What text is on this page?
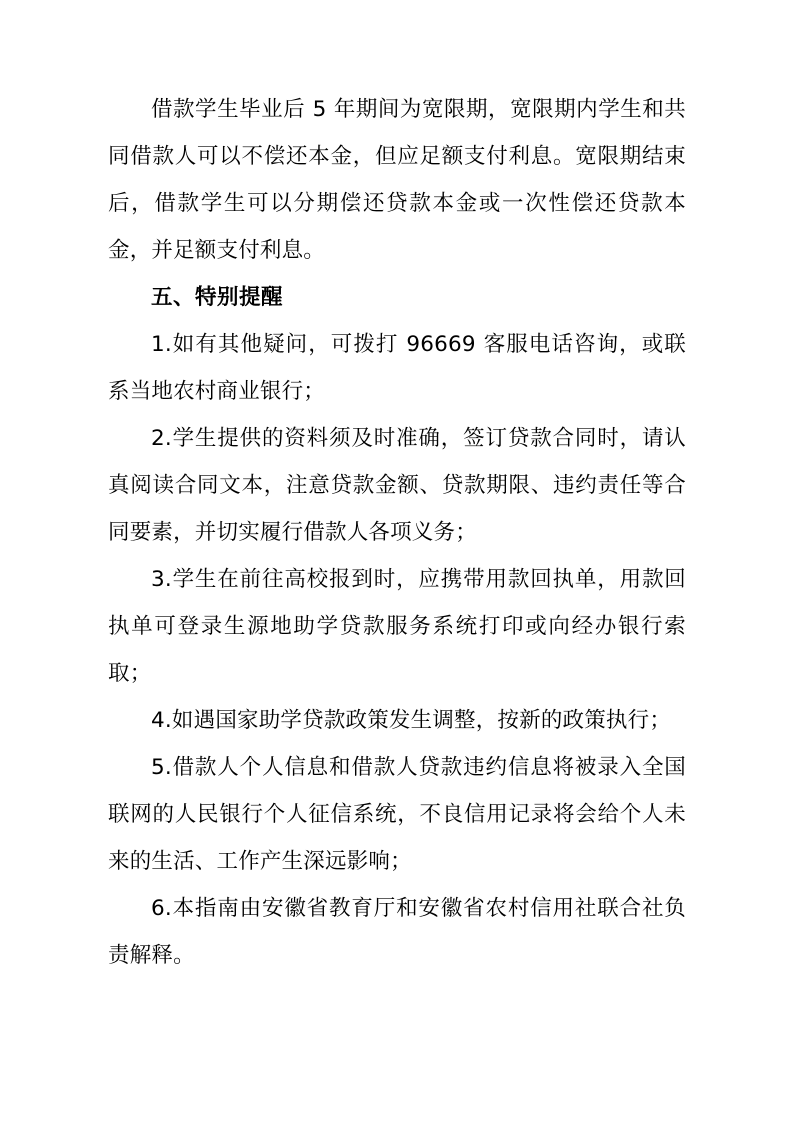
借款学生毕业后 5 年期间为宽限期，宽限期内学生和共同借款人可以不偿还本金，但应足额支付利息。宽限期结束后，借款学生可以分期偿还贷款本金或一次性偿还贷款本金，并足额支付利息。

五、特别提醒

1.如有其他疑问，可拨打 96669 客服电话咨询，或联系当地农村商业银行；

2.学生提供的资料须及时准确，签订贷款合同时，请认真阅读合同文本，注意贷款金额、贷款期限、违约责任等合同要素，并切实履行借款人各项义务；

3.学生在前往高校报到时，应携带用款回执单，用款回执单可登录生源地助学贷款服务系统打印或向经办银行索取；

4.如遇国家助学贷款政策发生调整，按新的政策执行；

5.借款人个人信息和借款人贷款违约信息将被录入全国联网的人民银行个人征信系统，不良信用记录将会给个人未来的生活、工作产生深远影响；

6.本指南由安徽省教育厅和安徽省农村信用社联合社负责解释。
